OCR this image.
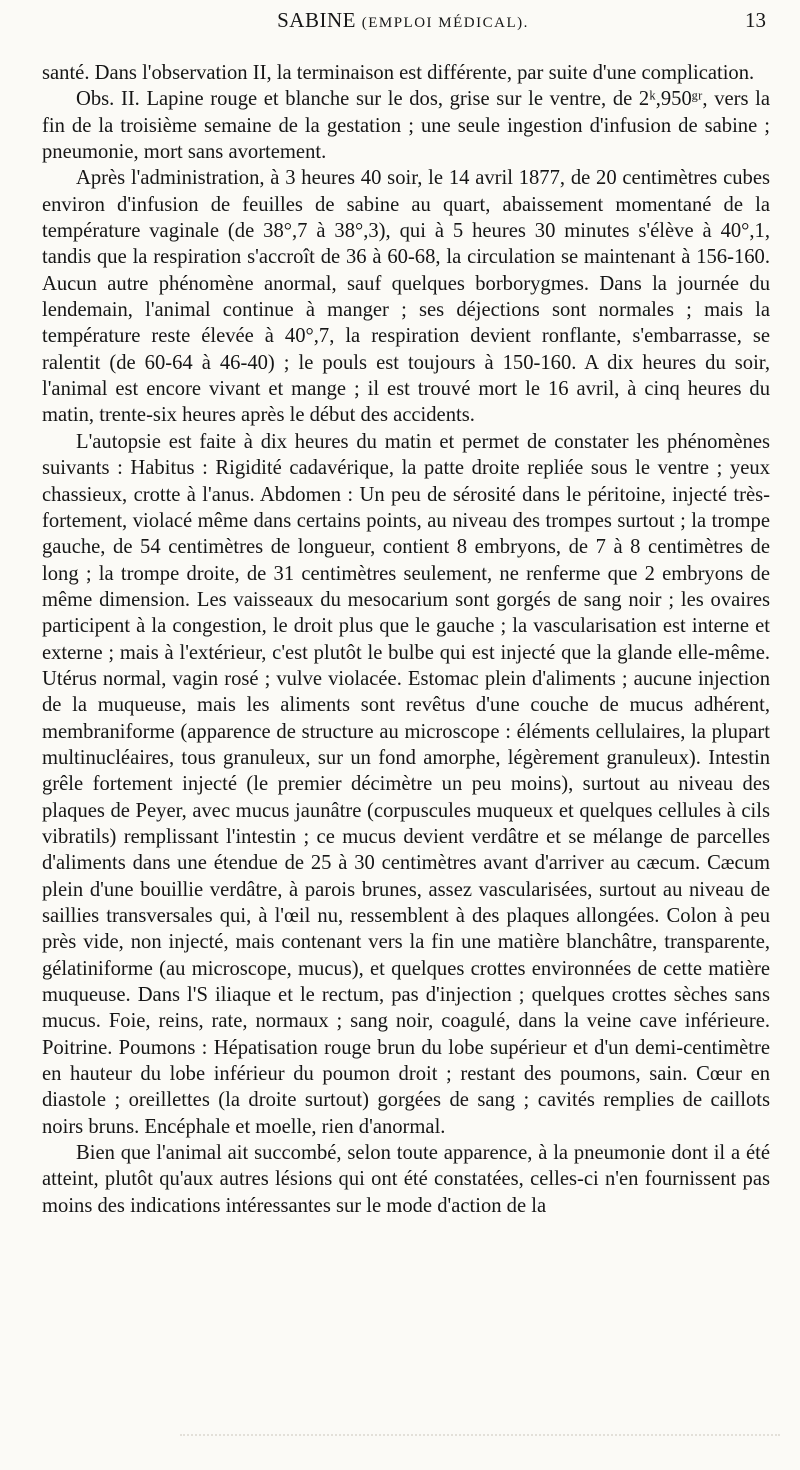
SABINE (EMPLOI MÉDICAL).	13

santé. Dans l'observation II, la terminaison est différente, par suite d'une complication.

Obs. II. Lapine rouge et blanche sur le dos, grise sur le ventre, de 2ᵏ,950ᵍʳ, vers la fin de la troisième semaine de la gestation ; une seule ingestion d'infusion de sabine ; pneumonie, mort sans avortement.

Après l'administration, à 3 heures 40 soir, le 14 avril 1877, de 20 centimètres cubes environ d'infusion de feuilles de sabine au quart, abaissement momentané de la température vaginale (de 38°,7 à 38°,3), qui à 5 heures 30 minutes s'élève à 40°,1, tandis que la respiration s'accroît de 36 à 60-68, la circulation se maintenant à 156-160. Aucun autre phénomène anormal, sauf quelques borborygmes. Dans la journée du lendemain, l'animal continue à manger ; ses déjections sont normales ; mais la température reste élevée à 40°,7, la respiration devient ronflante, s'embarrasse, se ralentit (de 60-64 à 46-40) ; le pouls est toujours à 150-160. A dix heures du soir, l'animal est encore vivant et mange ; il est trouvé mort le 16 avril, à cinq heures du matin, trente-six heures après le début des accidents.

L'autopsie est faite à dix heures du matin et permet de constater les phénomènes suivants : Habitus : Rigidité cadavérique, la patte droite repliée sous le ventre ; yeux chassieux, crotte à l'anus. Abdomen : Un peu de sérosité dans le péritoine, injecté très-fortement, violacé même dans certains points, au niveau des trompes surtout ; la trompe gauche, de 54 centimètres de longueur, contient 8 embryons, de 7 à 8 centimètres de long ; la trompe droite, de 31 centimètres seulement, ne renferme que 2 embryons de même dimension. Les vaisseaux du mesocarium sont gorgés de sang noir ; les ovaires participent à la congestion, le droit plus que le gauche ; la vascularisation est interne et externe ; mais à l'extérieur, c'est plutôt le bulbe qui est injecté que la glande elle-même. Utérus normal, vagin rosé ; vulve violacée. Estomac plein d'aliments ; aucune injection de la muqueuse, mais les aliments sont revêtus d'une couche de mucus adhérent, membraniforme (apparence de structure au microscope : éléments cellulaires, la plupart multinucléaires, tous granuleux, sur un fond amorphe, légèrement granuleux). Intestin grêle fortement injecté (le premier décimètre un peu moins), surtout au niveau des plaques de Peyer, avec mucus jaunâtre (corpuscules muqueux et quelques cellules à cils vibratils) remplissant l'intestin ; ce mucus devient verdâtre et se mélange de parcelles d'aliments dans une étendue de 25 à 30 centimètres avant d'arriver au cæcum. Cæcum plein d'une bouillie verdâtre, à parois brunes, assez vascularisées, surtout au niveau de saillies transversales qui, à l'œil nu, ressemblent à des plaques allongées. Colon à peu près vide, non injecté, mais contenant vers la fin une matière blanchâtre, transparente, gélatiniforme (au microscope, mucus), et quelques crottes environnées de cette matière muqueuse. Dans l'S iliaque et le rectum, pas d'injection ; quelques crottes sèches sans mucus. Foie, reins, rate, normaux ; sang noir, coagulé, dans la veine cave inférieure. Poitrine. Poumons : Hépatisation rouge brun du lobe supérieur et d'un demi-centimètre en hauteur du lobe inférieur du poumon droit ; restant des poumons, sain. Cœur en diastole ; oreillettes (la droite surtout) gorgées de sang ; cavités remplies de caillots noirs bruns. Encéphale et moelle, rien d'anormal.

Bien que l'animal ait succombé, selon toute apparence, à la pneumonie dont il a été atteint, plutôt qu'aux autres lésions qui ont été constatées, celles-ci n'en fournissent pas moins des indications intéressantes sur le mode d'action de la
